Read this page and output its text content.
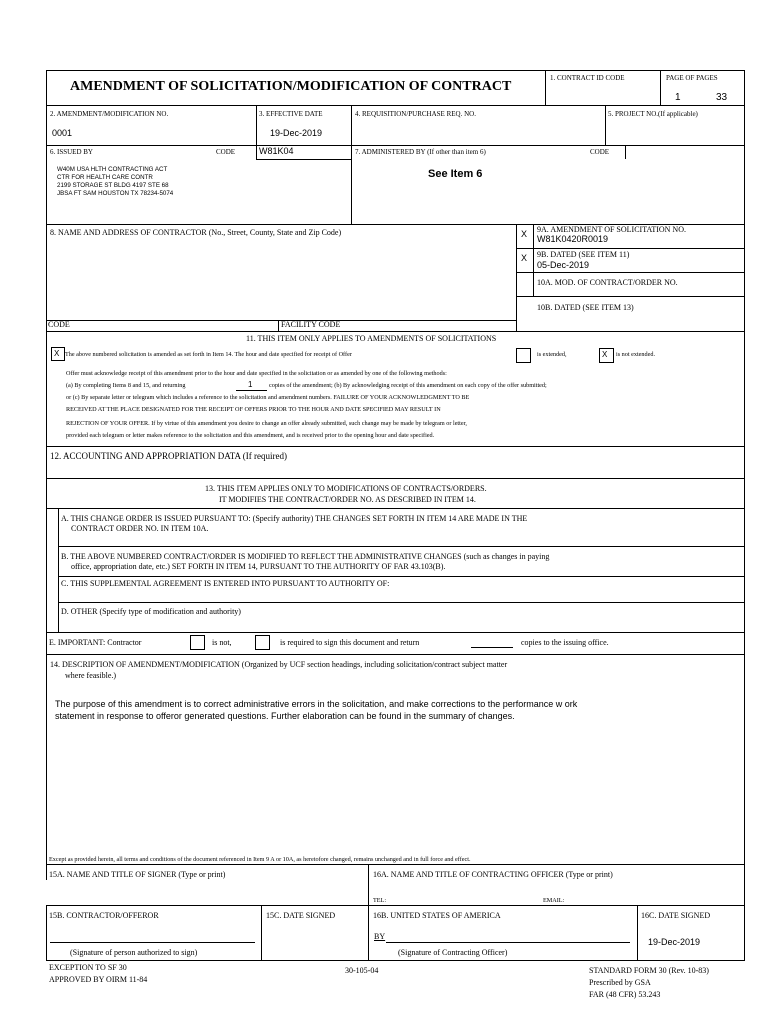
AMENDMENT OF SOLICITATION/MODIFICATION OF CONTRACT
1. CONTRACT ID CODE	PAGE OF PAGES
1	33
2. AMENDMENT/MODIFICATION NO.
0001
3. EFFECTIVE DATE
19-Dec-2019
4. REQUISITION/PURCHASE REQ. NO.	5. PROJECT NO.(If applicable)
6. ISSUED BY	CODE	W81K04	7. ADMINISTERED BY (If other than item 6)	CODE
W40M USA HLTH CONTRACTING ACT
CTR FOR HEALTH CARE CONTR
2199 STORAGE ST BLDG 4197 STE 68
JBSA FT SAM HOUSTON TX 78234-5074
See Item 6
8. NAME AND ADDRESS OF CONTRACTOR (No., Street, County, State and Zip Code)	X 9A. AMENDMENT OF SOLICITATION NO.
W81K0420R0019
X 9B. DATED (SEE ITEM 11)
05-Dec-2019
10A. MOD. OF CONTRACT/ORDER NO.
10B. DATED (SEE ITEM 13)
CODE	FACILITY CODE
11. THIS ITEM ONLY APPLIES TO AMENDMENTS OF SOLICITATIONS
X The above numbered solicitation is amended as set forth in Item 14. The hour and date specified for receipt of Offer	is extended,	X is not extended.
Offer must acknowledge receipt of this amendment prior to the hour and date specified in the solicitation or as amended by one of the following methods:
(a) By completing Items 8 and 15, and returning	1	copies of the amendment; (b) By acknowledging receipt of this amendment on each copy of the offer submitted;
or (c) By separate letter or telegram which includes a reference to the solicitation and amendment numbers. FAILURE OF YOUR ACKNOWLEDGMENT TO BE
RECEIVED AT THE PLACE DESIGNATED FOR THE RECEIPT OF OFFERS PRIOR TO THE HOUR AND DATE SPECIFIED MAY RESULT IN
REJECTION OF YOUR OFFER. If by virtue of this amendment you desire to change an offer already submitted, such change may be made by telegram or letter,
provided each telegram or letter makes reference to the solicitation and this amendment, and is received prior to the opening hour and date specified.
12. ACCOUNTING AND APPROPRIATION DATA (If required)
13. THIS ITEM APPLIES ONLY TO MODIFICATIONS OF CONTRACTS/ORDERS.
IT MODIFIES THE CONTRACT/ORDER NO. AS DESCRIBED IN ITEM 14.
A. THIS CHANGE ORDER IS ISSUED PURSUANT TO: (Specify authority) THE CHANGES SET FORTH IN ITEM 14 ARE MADE IN THE
CONTRACT ORDER NO. IN ITEM 10A.
B. THE ABOVE NUMBERED CONTRACT/ORDER IS MODIFIED TO REFLECT THE ADMINISTRATIVE CHANGES (such as changes in paying
office, appropriation date, etc.) SET FORTH IN ITEM 14, PURSUANT TO THE AUTHORITY OF FAR 43.103(B).
C. THIS SUPPLEMENTAL AGREEMENT IS ENTERED INTO PURSUANT TO AUTHORITY OF:
D. OTHER (Specify type of modification and authority)
E. IMPORTANT: Contractor	is not,	is required to sign this document and return	copies to the issuing office.
14. DESCRIPTION OF AMENDMENT/MODIFICATION (Organized by UCF section headings, including solicitation/contract subject matter
where feasible.)
The purpose of this amendment is to correct administrative errors in the solicitation, and make corrections to the performance w ork
statement in response to offeror generated questions. Further elaboration can be found in the summary of changes.
Except as provided herein, all terms and conditions of the document referenced in Item 9 A or 10A, as heretofore changed, remains unchanged and in full force and effect.
15A. NAME AND TITLE OF SIGNER (Type or print)	16A. NAME AND TITLE OF CONTRACTING OFFICER (Type or print)
TEL:	EMAIL:
15B. CONTRACTOR/OFFEROR	15C. DATE SIGNED	16B. UNITED STATES OF AMERICA	16C. DATE SIGNED
BY
19-Dec-2019
(Signature of person authorized to sign)	(Signature of Contracting Officer)
EXCEPTION TO SF 30
APPROVED BY OIRM 11-84
30-105-04	STANDARD FORM 30 (Rev. 10-83)
Prescribed by GSA
FAR (48 CFR) 53.243
